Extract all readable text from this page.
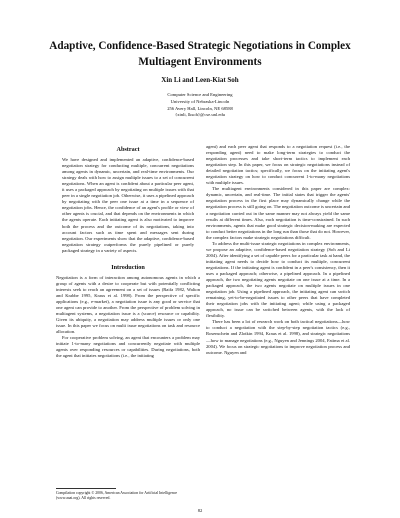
Adaptive, Confidence-Based Strategic Negotiations in Complex
Multiagent Environments
Xin Li and Leen-Kiat Soh
Computer Science and Engineering
University of Nebraska-Lincoln
256 Avery Hall, Lincoln, NE 68588
{xinli, lksoh}@cse.unl.edu
Abstract

We have designed and implemented an adaptive, confidence-based negotiation strategy for conducting multiple, concurrent negotiations among agents in dynamic, uncertain, and real-time environments. Our strategy deals with how to assign multiple issues to a set of concurrent negotiations. When an agent is confident about a particular peer agent, it uses a packaged approach by negotiating on multiple issues with that peer in a single negotiation job. Otherwise, it uses a pipelined approach by negotiating with the peer one issue at a time in a sequence of negotiation jobs. Hence, the confidence of an agent's profile or view of other agents is crucial, and that depends on the environments in which the agents operate. Each initiating agent is also motivated to improve both the process and the outcome of its negotiations, taking into account factors such as time spent and messages sent during negotiation. Our experiments show that the adaptive, confidence-based negotiation strategy outperforms the purely pipelined or purely packaged strategy in a variety of aspects.

Introduction

Negotiation is a form of interaction among autonomous agents in which a group of agents with a desire to cooperate but with potentially conflicting interests seek to reach an agreement on a set of issues (Raifa 1982, Walton and Krabbe 1995, Kraus et al. 1998). From the perspective of specific applications (e.g., e-market), a negotiation issue is any good or service that one agent can provide to another. From the perspective of problem solving in multiagent systems, a negotiation issue is a (scarce) resource or capability. Given its ubiquity, a negotiation may address multiple issues or only one issue. In this paper we focus on multi issue negotiations on task and resource allocation.

For cooperative problem solving, an agent that encounters a problem may initiate 1-to-many negotiations and concurrently negotiate with multiple agents over responding resources or capabilities. During negotiations, both the agent that initiates negotiations (i.e., the initiating

agent) and each peer agent that responds to a negotiation request (i.e., the responding agent) need to make long-term strategies to conduct the negotiation processes and take short-term tactics to implement each negotiation step. In this paper, we focus on strategic negotiations instead of detailed negotiation tactics; specifically, we focus on the initiating agent's negotiation strategy on how to conduct concurrent 1-to-many negotiations with multiple issues.

The multiagent environments considered in this paper are complex: dynamic, uncertain, and real-time. The initial states that trigger the agents' negotiation process in the first place may dynamically change while the negotiation process is still going on. The negotiation outcome is uncertain and a negotiation carried out in the same manner may not always yield the same results at different times. Also, each negotiation is time-constrained. In such environments, agents that make good strategic decision-making are expected to conduct better negotiations in the long run than those that do not. However, the complex factors make strategic negotiations difficult.

To address the multi-issue strategic negotiations in complex environments, we propose an adaptive, confidence-based negotiation strategy (Soh and Li 2004). After identifying a set of capable peers for a particular task at hand, the initiating agent needs to decide how to conduct its multiple, concurrent negotiations. If the initiating agent is confident in a peer's consistency, then it uses a packaged approach; otherwise, a pipelined approach. In a pipelined approach, the two negotiating agents negotiate on one issue at a time. In a packaged approach, the two agents negotiate on multiple issues in one negotiation job. Using a pipelined approach, the initiating agent can switch remaining, yet-to-be-negotiated issues to other peers that have completed their negotiation jobs with the initiating agent; while using a packaged approach, no issue can be switched between agents, with the lack of flexibility.

There has been a lot of research work on both tactical negotiations—how to conduct a negotiation with the step-by-step negotiation tactics (e.g., Rosenschein and Zlotkin 1994, Kraus et al. 1998), and strategic negotiations—how to manage negotiations (e.g., Nguyen and Jennings 2004, Fatima et al. 2004). We focus on strategic negotiations to improve negotiation process and outcome. Nguyen and

Compilation copyright © 2006, American Association for Artificial Intelligence (www.aaai.org). All rights reserved.

82
